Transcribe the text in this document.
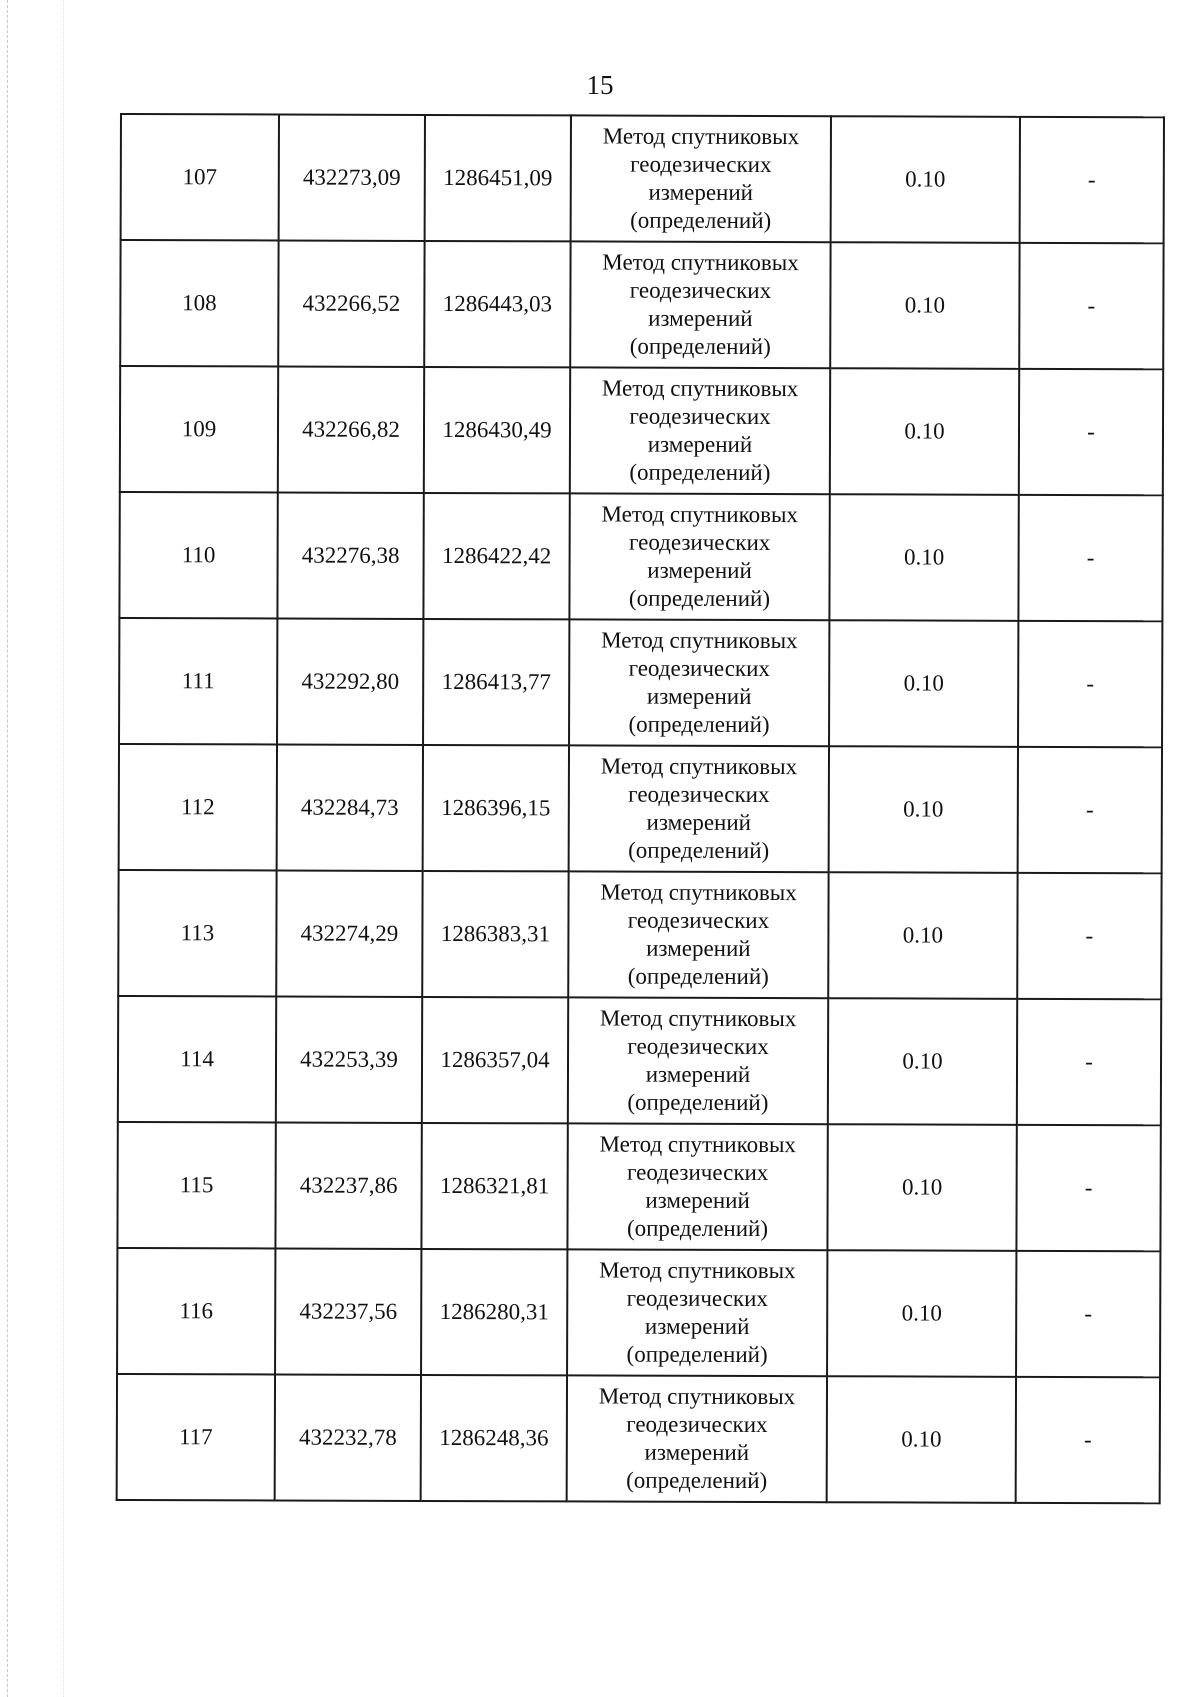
15
107	432273,09	1286451,09	Метод спутниковых
геодезических
измерений
(определений)	0.10	-
108	432266,52	1286443,03	Метод спутниковых
геодезических
измерений
(определений)	0.10	-
109	432266,82	1286430,49	Метод спутниковых
геодезических
измерений
(определений)	0.10	-
110	432276,38	1286422,42	Метод спутниковых
геодезических
измерений
(определений)	0.10	-
111	432292,80	1286413,77	Метод спутниковых
геодезических
измерений
(определений)	0.10	-
112	432284,73	1286396,15	Метод спутниковых
геодезических
измерений
(определений)	0.10	-
113	432274,29	1286383,31	Метод спутниковых
геодезических
измерений
(определений)	0.10	-
114	432253,39	1286357,04	Метод спутниковых
геодезических
измерений
(определений)	0.10	-
115	432237,86	1286321,81	Метод спутниковых
геодезических
измерений
(определений)	0.10	-
116	432237,56	1286280,31	Метод спутниковых
геодезических
измерений
(определений)	0.10	-
117	432232,78	1286248,36	Метод спутниковых
геодезических
измерений
(определений)	0.10	-
